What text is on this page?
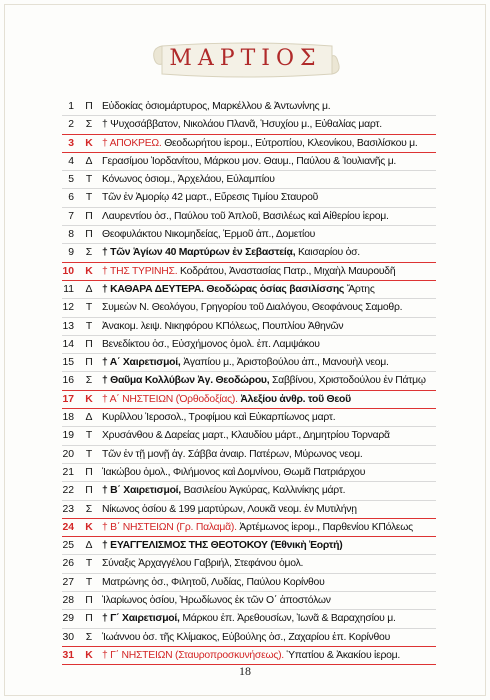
ΜΑΡΤΙΟΣ
1 Π Εὐδοκίας ὁσιομάρτυρος, Μαρκέλλου & Ἀντωνίνης μ.
2 Σ † Ψυχοσάββατον, Νικολάου Πλανᾶ, Ἡσυχίου μ., Εὐθαλίας μαρτ.
3 Κ † ΑΠΟΚΡΕΩ. Θεοδωρήτου ἱερομ., Εὐτροπίου, Κλεονίκου, Βασιλίσκου μ.
4 Δ Γερασίμου Ἰορδανίτου, Μάρκου μον. Θαυμ., Παύλου & Ἰουλιανῆς μ.
5 Τ Κόνωνος ὁσιομ., Ἀρχελάου, Εὐλαμπίου
6 Τ Τῶν ἐν Ἀμορίῳ 42 μαρτ., Εὕρεσις Τιμίου Σταυροῦ
7 Π Λαυρεντίου ὁσ., Παύλου τοῦ Ἁπλοῦ, Βασιλέως καὶ Αἰθερίου ἱερομ.
8 Π Θεοφυλάκτου Νικομηδείας, Ἑρμοῦ ἀπ., Δομετίου
9 Σ † Τῶν Ἁγίων 40 Μαρτύρων ἐν Σεβαστείᾳ, Καισαρίου ὁσ.
10 Κ † ΤΗΣ ΤΥΡΙΝΗΣ. Κοδράτου, Ἀναστασίας Πατρ., Μιχαὴλ Μαυρουδῆ
11 Δ † ΚΑΘΑΡΑ ΔΕΥΤΕΡΑ. Θεοδώρας ὁσίας βασιλίσσης Ἄρτης
12 Τ Συμεὼν Ν. Θεολόγου, Γρηγορίου τοῦ Διαλόγου, Θεοφάνους Σαμοθρ.
13 Τ Ἀνακομ. λειψ. Νικηφόρου ΚΠόλεως, Πουπλίου Ἀθηνῶν
14 Π Βενεδίκτου ὁσ., Εὐσχήμονος ὁμολ. ἐπ. Λαμψάκου
15 Π † Α΄ Χαιρετισμοί, Ἀγαπίου μ., Ἀριστοβούλου ἀπ., Μανουὴλ νεομ.
16 Σ † Θαῦμα Κολλύβων Ἁγ. Θεοδώρου, Σαββίνου, Χριστοδούλου ἐν Πάτμῳ
17 Κ † Α΄ ΝΗΣΤΕΙΩΝ (Ὀρθοδοξίας). Ἀλεξίου ἀνθρ. τοῦ Θεοῦ
18 Δ Κυρίλλου Ἱεροσολ., Τροφίμου καὶ Εὐκαρπίωνος μαρτ.
19 Τ Χρυσάνθου & Δαρείας μαρτ., Κλαυδίου μάρτ., Δημητρίου Τορναρᾶ
20 Τ Τῶν ἐν τῇ μονῇ ἁγ. Σάββα ἀναιρ. Πατέρων, Μύρωνος νεομ.
21 Π Ἰακώβου ὁμολ., Φιλήμονος καὶ Δομνίνου, Θωμᾶ Πατριάρχου
22 Π † Β΄ Χαιρετισμοί, Βασιλείου Ἀγκύρας, Καλλινίκης μάρτ.
23 Σ Νίκωνος ὁσίου & 199 μαρτύρων, Λουκᾶ νεομ. ἐν Μυτιλήνῃ
24 Κ † Β΄ ΝΗΣΤΕΙΩΝ (Γρ. Παλαμᾶ). Ἀρτέμωνος ἱερομ., Παρθενίου ΚΠόλεως
25 Δ † ΕΥΑΓΓΕΛΙΣΜΟΣ ΤΗΣ ΘΕΟΤΟΚΟΥ (Ἐθνικὴ Ἑορτή)
26 Τ Σύναξις Ἀρχαγγέλου Γαβριήλ, Στεφάνου ὁμολ.
27 Τ Ματρώνης ὁσ., Φιλητοῦ, Λυδίας, Παύλου Κορίνθου
28 Π Ἱλαρίωνος ὁσίου, Ἡρωδίωνος ἐκ τῶν Ο΄ ἀποστόλων
29 Π † Γ΄ Χαιρετισμοί, Μάρκου ἐπ. Ἀρεθουσίων, Ἰωνᾶ & Βαραχησίου μ.
30 Σ Ἰωάννου ὁσ. τῆς Κλίμακος, Εὐβούλης ὁσ., Ζαχαρίου ἐπ. Κορίνθου
31 Κ † Γ΄ ΝΗΣΤΕΙΩΝ (Σταυροπροσκυνήσεως). Ὑπατίου & Ἀκακίου ἱερομ.
18
